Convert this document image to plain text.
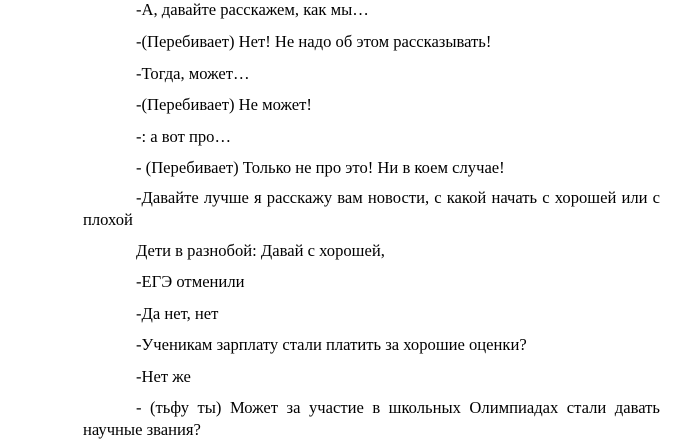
-А, давайте расскажем, как мы…

-(Перебивает) Нет! Не надо об этом рассказывать!

-Тогда, может…

-(Перебивает) Не может!

-: а вот про…

- (Перебивает) Только не про это! Ни в коем случае!

-Давайте лучше я расскажу вам новости, с какой начать с хорошей или с плохой

Дети в разнобой: Давай с хорошей,

-ЕГЭ отменили

-Да нет, нет

-Ученикам зарплату стали платить за хорошие оценки?

-Нет же

- (тьфу ты) Может за участие в школьных Олимпиадах стали давать научные звания?
